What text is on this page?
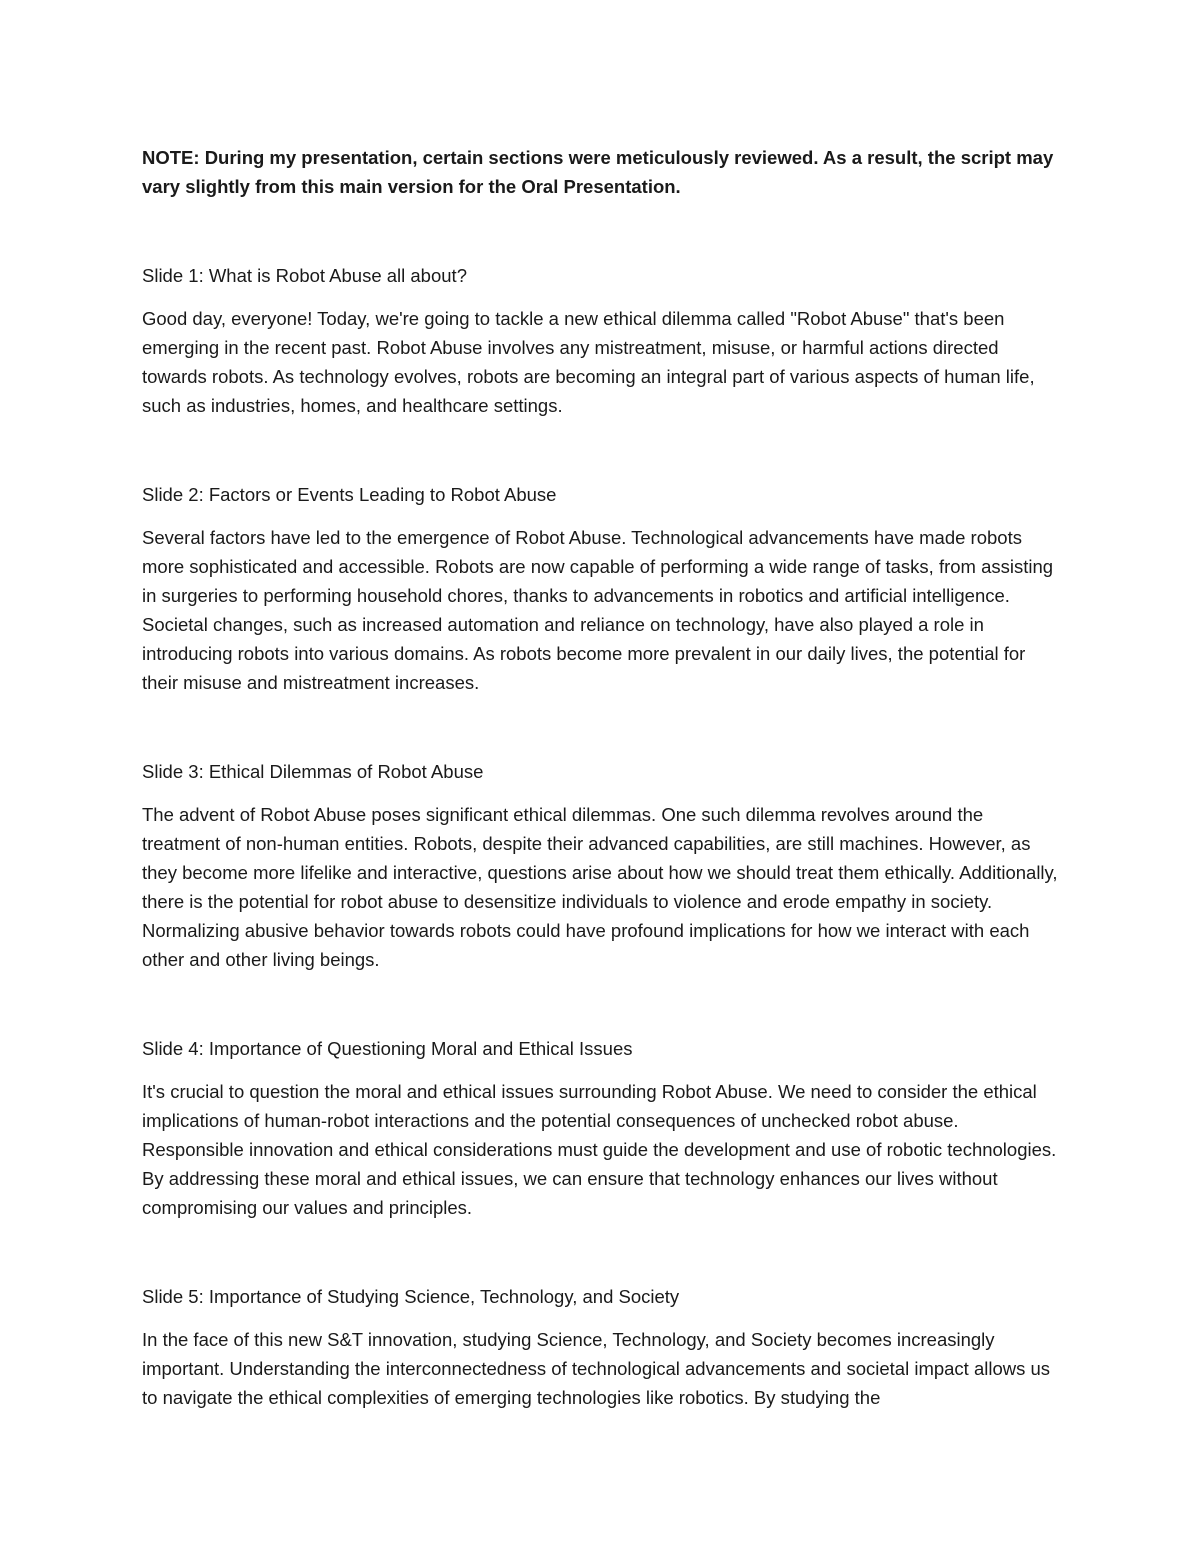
NOTE: During my presentation, certain sections were meticulously reviewed. As a result, the script may vary slightly from this main version for the Oral Presentation.

Slide 1: What is Robot Abuse all about?

Good day, everyone! Today, we're going to tackle a new ethical dilemma called "Robot Abuse" that's been emerging in the recent past. Robot Abuse involves any mistreatment, misuse, or harmful actions directed towards robots. As technology evolves, robots are becoming an integral part of various aspects of human life, such as industries, homes, and healthcare settings.

Slide 2: Factors or Events Leading to Robot Abuse

Several factors have led to the emergence of Robot Abuse. Technological advancements have made robots more sophisticated and accessible. Robots are now capable of performing a wide range of tasks, from assisting in surgeries to performing household chores, thanks to advancements in robotics and artificial intelligence. Societal changes, such as increased automation and reliance on technology, have also played a role in introducing robots into various domains. As robots become more prevalent in our daily lives, the potential for their misuse and mistreatment increases.

Slide 3: Ethical Dilemmas of Robot Abuse

The advent of Robot Abuse poses significant ethical dilemmas. One such dilemma revolves around the treatment of non-human entities. Robots, despite their advanced capabilities, are still machines. However, as they become more lifelike and interactive, questions arise about how we should treat them ethically. Additionally, there is the potential for robot abuse to desensitize individuals to violence and erode empathy in society. Normalizing abusive behavior towards robots could have profound implications for how we interact with each other and other living beings.

Slide 4: Importance of Questioning Moral and Ethical Issues

It's crucial to question the moral and ethical issues surrounding Robot Abuse. We need to consider the ethical implications of human-robot interactions and the potential consequences of unchecked robot abuse. Responsible innovation and ethical considerations must guide the development and use of robotic technologies. By addressing these moral and ethical issues, we can ensure that technology enhances our lives without compromising our values and principles.

Slide 5: Importance of Studying Science, Technology, and Society

In the face of this new S&T innovation, studying Science, Technology, and Society becomes increasingly important. Understanding the interconnectedness of technological advancements and societal impact allows us to navigate the ethical complexities of emerging technologies like robotics. By studying the
